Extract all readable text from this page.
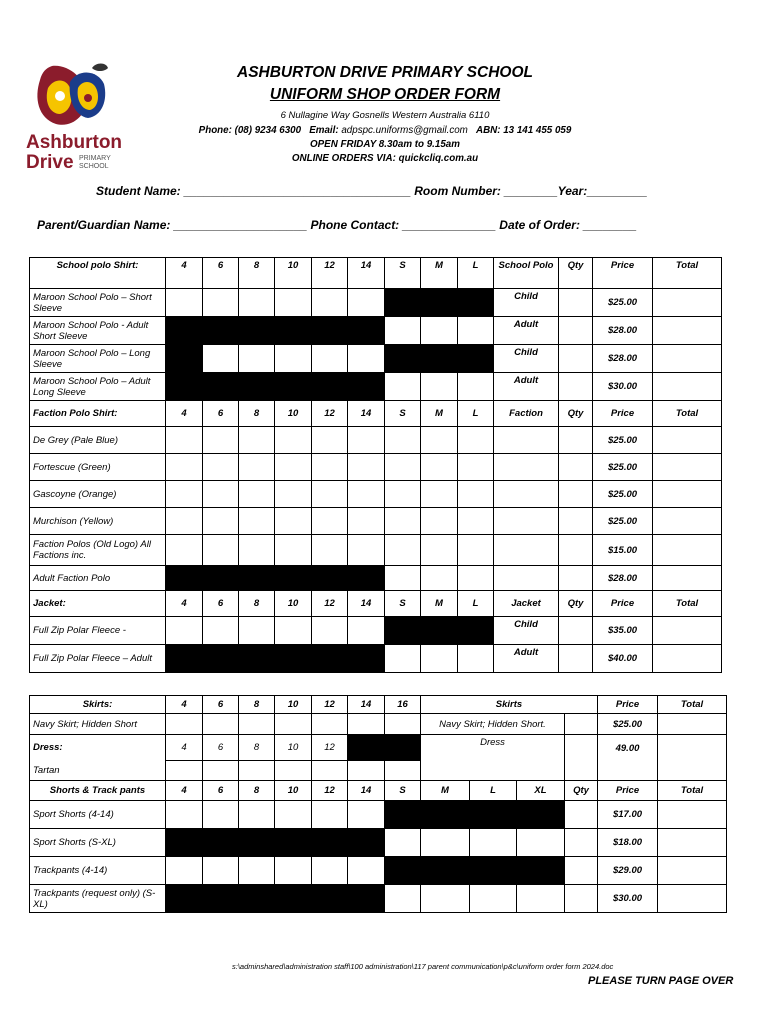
Ashburton
Drive PRIMARY
SCHOOL
ASHBURTON DRIVE PRIMARY SCHOOL
UNIFORM SHOP ORDER FORM
6 Nullagine Way Gosnells Western Australia 6110
Phone: (08) 9234 6300 Email: adpspc.uniforms@gmail.com ABN: 13 141 455 059
OPEN FRIDAY 8.30am to 9.15am
ONLINE ORDERS VIA: quickcliq.com.au
Student Name: __________________________________ Room Number: ________Year:_________
Parent/Guardian Name: ____________________ Phone Contact: ______________ Date of Order: ________
School polo Shirt:	4	6	8	10	12	14	S	M	L	School Polo	Qty	Price	Total
Maroon School Polo – Short Sleeve										Child		$25.00	
Maroon School Polo - Adult Short Sleeve										Adult		$28.00	
Maroon School Polo – Long Sleeve										Child		$28.00	
Maroon School Polo – Adult Long Sleeve										Adult		$30.00	
Faction Polo Shirt:	4	6	8	10	12	14	S	M	L	Faction	Qty	Price	Total
De Grey (Pale Blue)												$25.00	
Fortescue (Green)												$25.00	
Gascoyne (Orange)												$25.00	
Murchison (Yellow)												$25.00	
Faction Polos (Old Logo) All Factions inc.												$15.00	
Adult Faction Polo												$28.00	
Jacket:	4	6	8	10	12	14	S	M	L	Jacket	Qty	Price	Total
Full Zip Polar Fleece -										Child		$35.00	
Full Zip Polar Fleece – Adult										Adult		$40.00	
Skirts:	4	6	8	10	12	14	16	Skirts				Price	Total
Navy Skirt; Hidden Short								Navy Skirt; Hidden Short.				$25.00	
Dress:	4	6	8	10	12			Dress				49.00	
Tartan													
Shorts & Track pants	4	6	8	10	12	14	S	M	L	XL	Qty	Price	Total
Sport Shorts (4-14)												$17.00	
Sport Shorts (S-XL)												$18.00	
Trackpants (4-14)												$29.00	
Trackpants (request only) (S-XL)												$30.00	
s:\adminshared\administration staff\100 administration\117 parent communication\p&c\uniform order form 2024.doc
PLEASE TURN PAGE OVER
